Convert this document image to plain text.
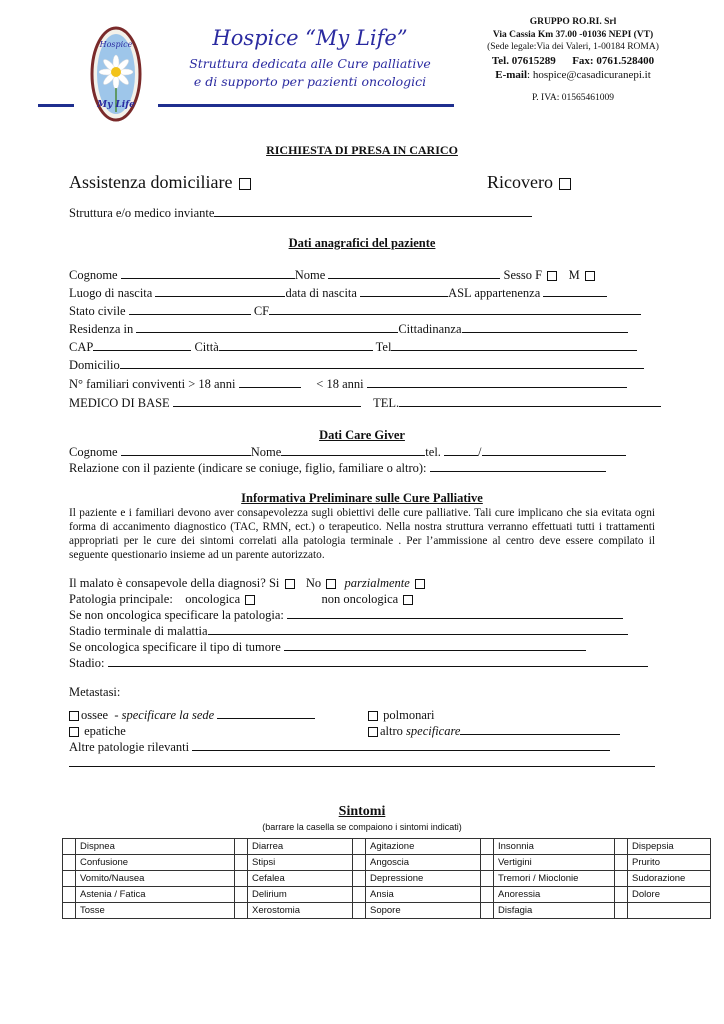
Hospice
My Life
Hospice “My Life”
Struttura dedicata alle Cure palliative
e di supporto per pazienti oncologici
GRUPPO RO.RI. Srl
Via Cassia Km 37.00 -01036 NEPI (VT)
(Sede legale:Via dei Valeri, 1-00184 ROMA)
Tel. 07615289 Fax: 0761.528400
E-mail: hospice@casadicuranepi.it
P. IVA: 01565461009
RICHIESTA DI PRESA IN CARICO
Assistenza domiciliare	Ricovero
Struttura e/o medico inviante
Dati anagrafici del paziente
Cognome	Nome	Sesso F M
Luogo di nascita	data di nascita	ASL appartenenza
Stato civile	CF
Residenza in	Cittadinanza
CAP	Città	Tel
Domicilio
N° familiari conviventi > 18 anni	< 18 anni
MEDICO DI BASE	TEL.
Dati Care Giver
Cognome	Nome	tel.	/
Relazione con il paziente (indicare se coniuge, figlio, familiare o altro):
Informativa Preliminare sulle Cure Palliative
Il paziente e i familiari devono aver consapevolezza sugli obiettivi delle cure palliative. Tali cure implicano che sia evitata ogni forma di accanimento diagnostico (TAC, RMN, ect.) o terapeutico. Nella nostra struttura verranno effettuati tutti i trattamenti appropriati per le cure dei sintomi correlati alla patologia terminale . Per l’ammissione al centro deve essere compilato il seguente questionario insieme ad un parente autorizzato.
Il malato è consapevole della diagnosi? Si No parzialmente
Patologia principale: oncologica	non oncologica
Se non oncologica specificare la patologia:
Stadio terminale di malattia
Se oncologica specificare il tipo di tumore
Stadio:
Metastasi:
ossee - specificare la sede	polmonari
epatiche	altro specificare
Altre patologie rilevanti
Sintomi
(barrare la casella se compaiono i sintomi indicati)
	Dispnea		Diarrea		Agitazione		Insonnia		Dispepsia
	Confusione		Stipsi		Angoscia		Vertigini		Prurito
	Vomito/Nausea		Cefalea		Depressione		Tremori / Mioclonie		Sudorazione
	Astenia / Fatica		Delirium		Ansia		Anoressia		Dolore
	Tosse		Xerostomia		Sopore		Disfagia		
